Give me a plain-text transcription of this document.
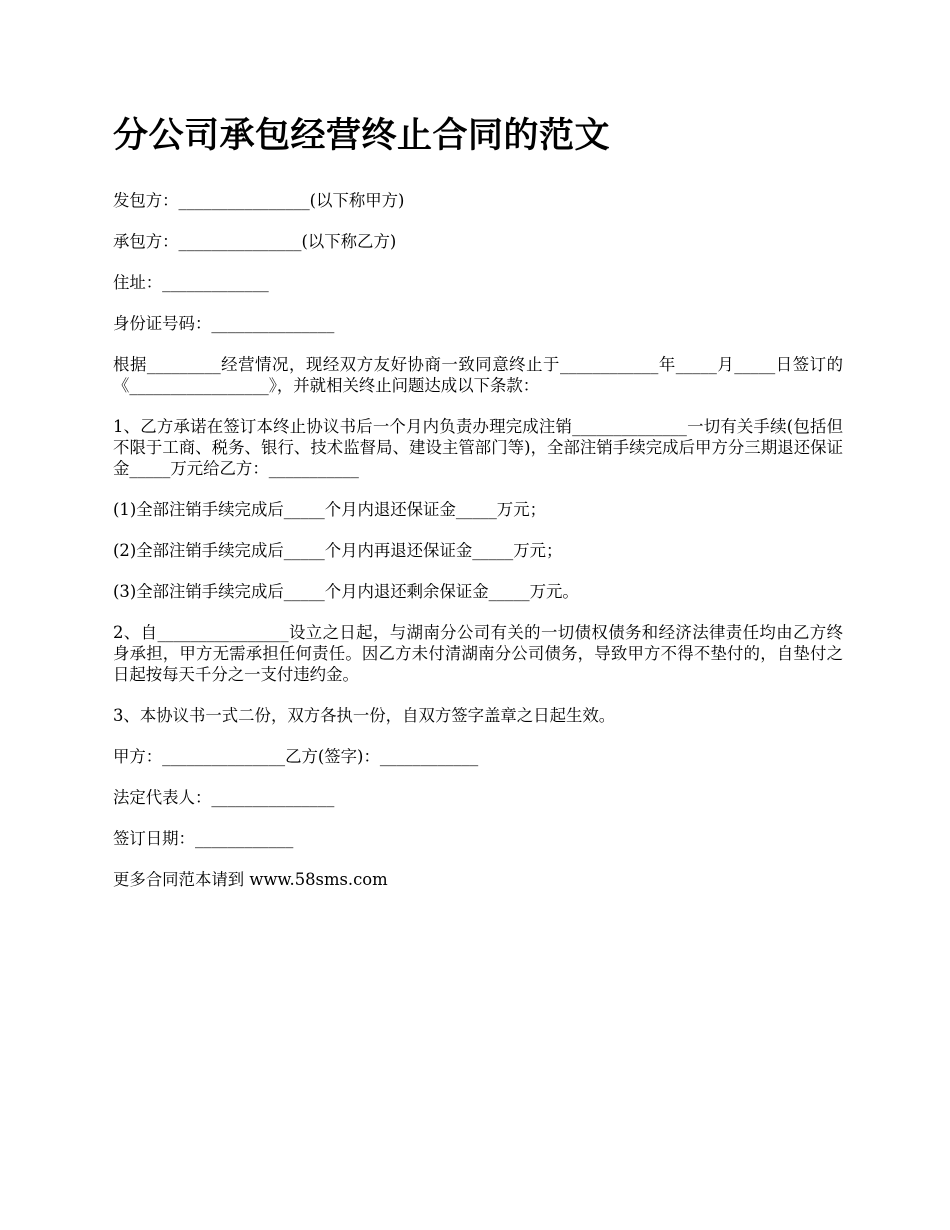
分公司承包经营终止合同的范文

发包方：________________(以下称甲方)

承包方：_______________(以下称乙方)

住址：_____________

身份证号码：_______________

根据_________经营情况，现经双方友好协商一致同意终止于____________年_____月_____日签订的《_________________》，并就相关终止问题达成以下条款：

1、乙方承诺在签订本终止协议书后一个月内负责办理完成注销______________一切有关手续(包括但不限于工商、税务、银行、技术监督局、建设主管部门等)，全部注销手续完成后甲方分三期退还保证金_____万元给乙方：___________

(1)全部注销手续完成后_____个月内退还保证金_____万元；

(2)全部注销手续完成后_____个月内再退还保证金_____万元；

(3)全部注销手续完成后_____个月内退还剩余保证金_____万元。

2、自________________设立之日起，与湖南分公司有关的一切债权债务和经济法律责任均由乙方终身承担，甲方无需承担任何责任。因乙方未付清湖南分公司债务，导致甲方不得不垫付的，自垫付之日起按每天千分之一支付违约金。

3、本协议书一式二份，双方各执一份，自双方签字盖章之日起生效。

甲方：_______________乙方(签字)：____________

法定代表人：_______________

签订日期：____________

更多合同范本请到 www.58sms.com
